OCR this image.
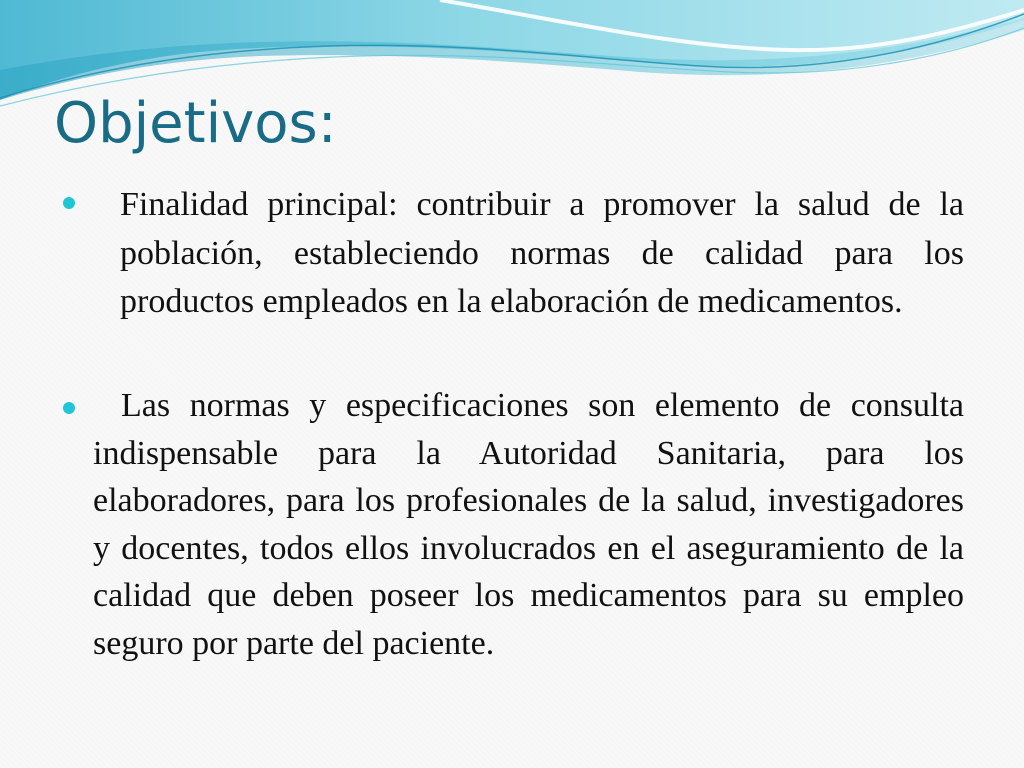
Objetivos:

Finalidad principal: contribuir a promover la salud de la población, estableciendo normas de calidad para los productos empleados en la elaboración de medicamentos.

Las normas y especificaciones son elemento de consulta indispensable para la Autoridad Sanitaria, para los elaboradores, para los profesionales de la salud, investigadores y docentes, todos ellos involucrados en el aseguramiento de la calidad que deben poseer los medicamentos para su empleo seguro por parte del paciente.
